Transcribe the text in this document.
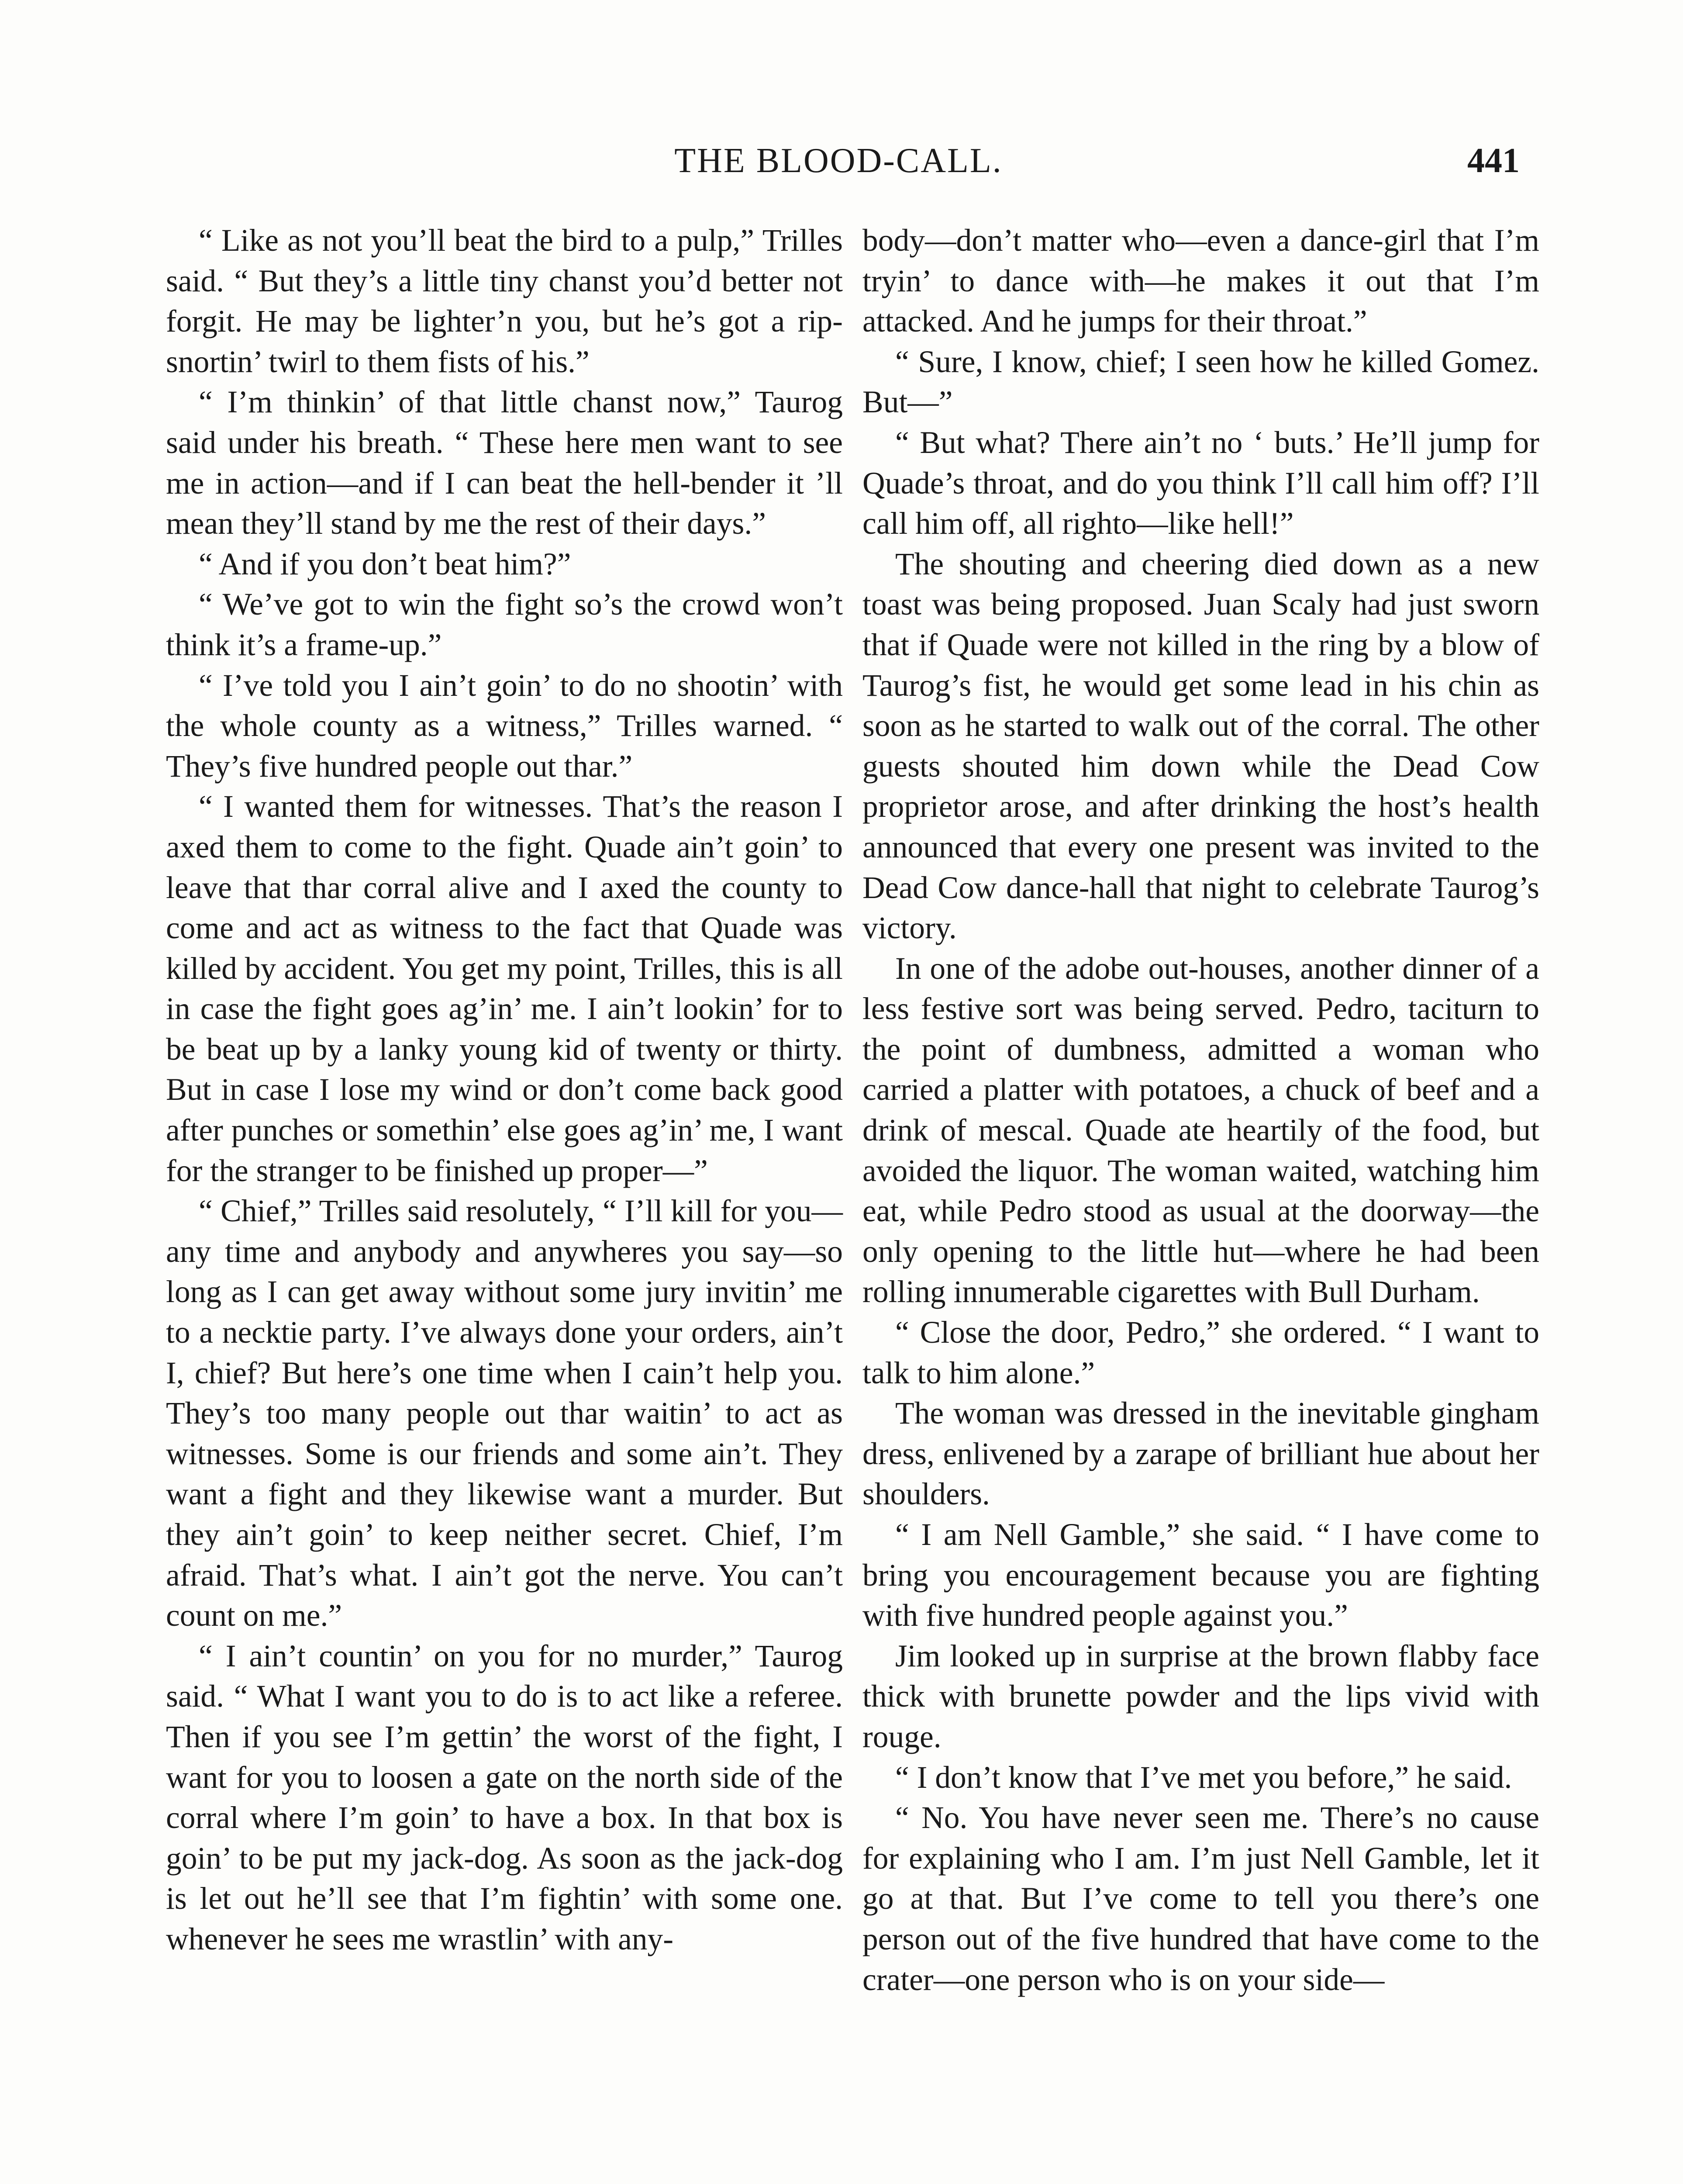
THE BLOOD-CALL.	441

“ Like as not you’ll beat the bird to a pulp,” Trilles said. “ But they’s a little tiny chanst you’d better not forgit. He may be lighter’n you, but he’s got a rip-snortin’ twirl to them fists of his.”

“ I’m thinkin’ of that little chanst now,” Taurog said under his breath. “ These here men want to see me in action—and if I can beat the hell-bender it ’ll mean they’ll stand by me the rest of their days.”

“ And if you don’t beat him?”

“ We’ve got to win the fight so’s the crowd won’t think it’s a frame-up.”

“ I’ve told you I ain’t goin’ to do no shootin’ with the whole county as a witness,” Trilles warned. “ They’s five hundred people out thar.”

“ I wanted them for witnesses. That’s the reason I axed them to come to the fight. Quade ain’t goin’ to leave that thar corral alive and I axed the county to come and act as witness to the fact that Quade was killed by accident. You get my point, Trilles, this is all in case the fight goes ag’in’ me. I ain’t lookin’ for to be beat up by a lanky young kid of twenty or thirty. But in case I lose my wind or don’t come back good after punches or somethin’ else goes ag’in’ me, I want for the stranger to be finished up proper—”

“ Chief,” Trilles said resolutely, “ I’ll kill for you—any time and anybody and anywheres you say—so long as I can get away without some jury invitin’ me to a necktie party. I’ve always done your orders, ain’t I, chief? But here’s one time when I cain’t help you. They’s too many people out thar waitin’ to act as witnesses. Some is our friends and some ain’t. They want a fight and they likewise want a murder. But they ain’t goin’ to keep neither secret. Chief, I’m afraid. That’s what. I ain’t got the nerve. You can’t count on me.”

“ I ain’t countin’ on you for no murder,” Taurog said. “ What I want you to do is to act like a referee. Then if you see I’m gettin’ the worst of the fight, I want for you to loosen a gate on the north side of the corral where I’m goin’ to have a box. In that box is goin’ to be put my jack-dog. As soon as the jack-dog is let out he’ll see that I’m fightin’ with some one. whenever he sees me wrastlin’ with any-

body—don’t matter who—even a dance-girl that I’m tryin’ to dance with—he makes it out that I’m attacked. And he jumps for their throat.”

“ Sure, I know, chief; I seen how he killed Gomez. But—”

“ But what? There ain’t no ‘ buts.’ He’ll jump for Quade’s throat, and do you think I’ll call him off? I’ll call him off, all righto—like hell!”

The shouting and cheering died down as a new toast was being proposed. Juan Scaly had just sworn that if Quade were not killed in the ring by a blow of Taurog’s fist, he would get some lead in his chin as soon as he started to walk out of the corral. The other guests shouted him down while the Dead Cow proprietor arose, and after drinking the host’s health announced that every one present was invited to the Dead Cow dance-hall that night to celebrate Taurog’s victory.

In one of the adobe out-houses, another dinner of a less festive sort was being served. Pedro, taciturn to the point of dumbness, admitted a woman who carried a platter with potatoes, a chuck of beef and a drink of mescal. Quade ate heartily of the food, but avoided the liquor. The woman waited, watching him eat, while Pedro stood as usual at the doorway—the only opening to the little hut—where he had been rolling innumerable cigarettes with Bull Durham.

“ Close the door, Pedro,” she ordered. “ I want to talk to him alone.”

The woman was dressed in the inevitable gingham dress, enlivened by a zarape of brilliant hue about her shoulders.

“ I am Nell Gamble,” she said. “ I have come to bring you encouragement because you are fighting with five hundred people against you.”

Jim looked up in surprise at the brown flabby face thick with brunette powder and the lips vivid with rouge.

“ I don’t know that I’ve met you before,” he said.

“ No. You have never seen me. There’s no cause for explaining who I am. I’m just Nell Gamble, let it go at that. But I’ve come to tell you there’s one person out of the five hundred that have come to the crater—one person who is on your side—
